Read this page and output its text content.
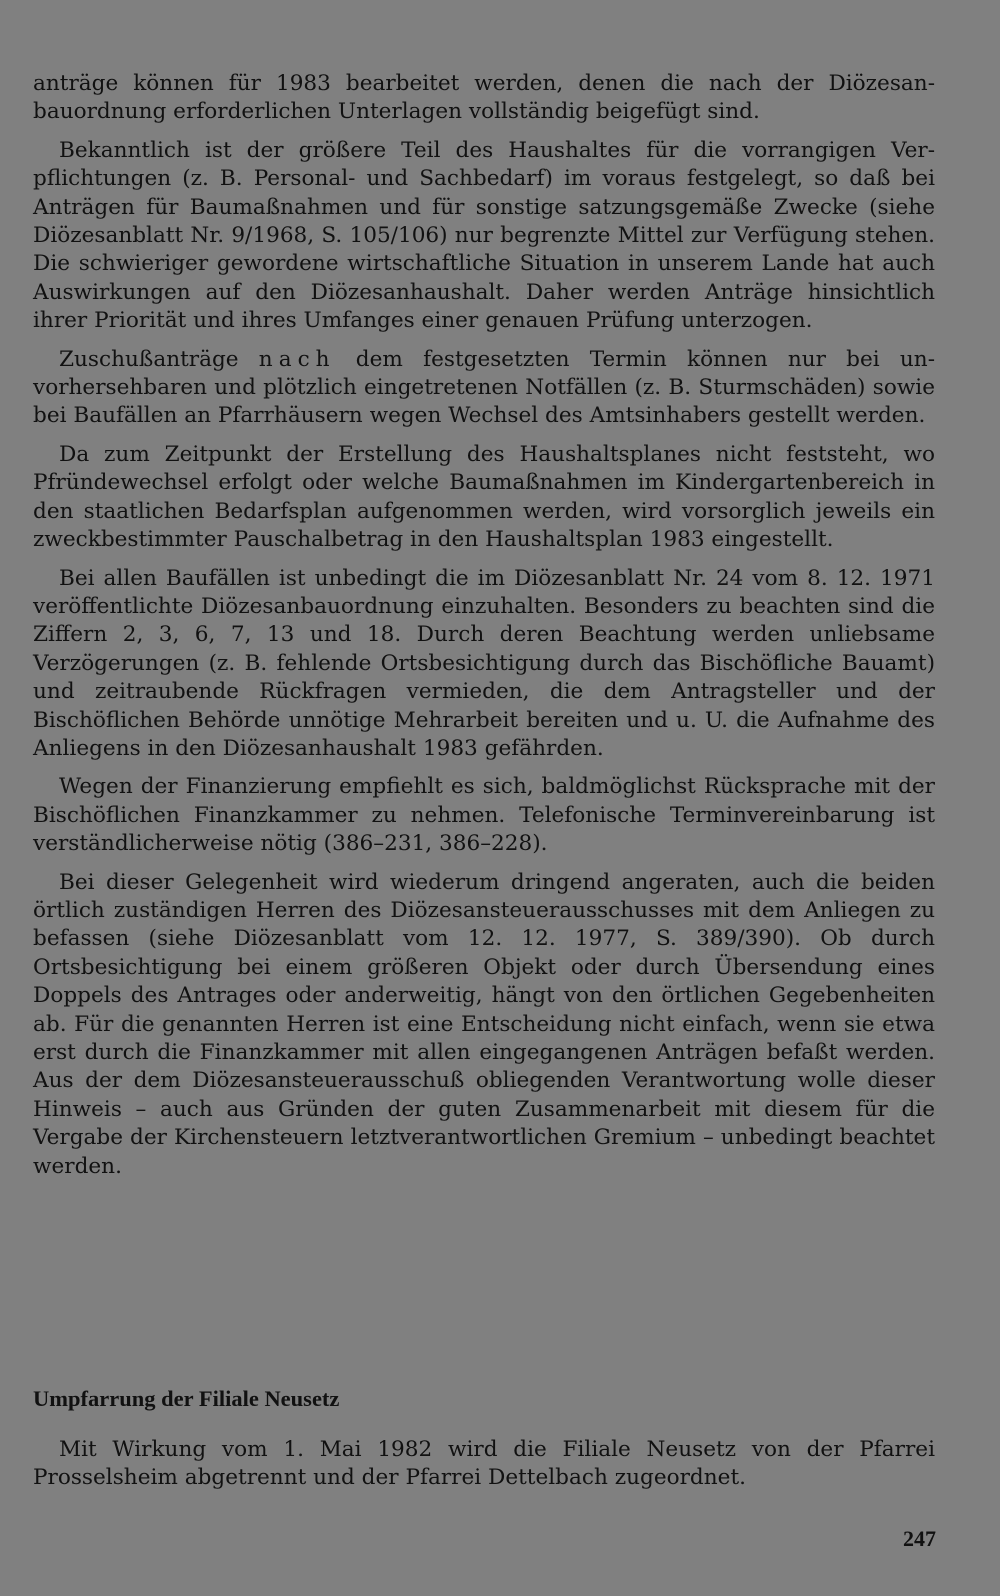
anträge können für 1983 bearbeitet werden, denen die nach der Diözesanbauordnung erforderlichen Unterlagen vollständig beigefügt sind.

Bekanntlich ist der größere Teil des Haushaltes für die vorrangigen Verpflichtungen (z. B. Personal- und Sachbedarf) im voraus festgelegt, so daß bei Anträgen für Baumaßnahmen und für sonstige satzungsgemäße Zwecke (siehe Diözesanblatt Nr. 9/1968, S. 105/106) nur begrenzte Mittel zur Verfügung stehen. Die schwieriger gewordene wirtschaftliche Situation in unserem Lande hat auch Auswirkungen auf den Diözesanhaushalt. Daher werden Anträge hinsichtlich ihrer Priorität und ihres Umfanges einer genauen Prüfung unterzogen.

Zuschußanträge nach dem festgesetzten Termin können nur bei unvorhersehbaren und plötzlich eingetretenen Notfällen (z. B. Sturmschäden) sowie bei Baufällen an Pfarrhäusern wegen Wechsel des Amtsinhabers gestellt werden.

Da zum Zeitpunkt der Erstellung des Haushaltsplanes nicht feststeht, wo Pfründewechsel erfolgt oder welche Baumaßnahmen im Kindergartenbereich in den staatlichen Bedarfsplan aufgenommen werden, wird vorsorglich jeweils ein zweckbestimmter Pauschalbetrag in den Haushaltsplan 1983 eingestellt.

Bei allen Baufällen ist unbedingt die im Diözesanblatt Nr. 24 vom 8. 12. 1971 veröffentlichte Diözesanbauordnung einzuhalten. Besonders zu beachten sind die Ziffern 2, 3, 6, 7, 13 und 18. Durch deren Beachtung werden unliebsame Verzögerungen (z. B. fehlende Ortsbesichtigung durch das Bischöfliche Bauamt) und zeitraubende Rückfragen vermieden, die dem Antragsteller und der Bischöflichen Behörde unnötige Mehrarbeit bereiten und u. U. die Aufnahme des Anliegens in den Diözesanhaushalt 1983 gefährden.

Wegen der Finanzierung empfiehlt es sich, baldmöglichst Rücksprache mit der Bischöflichen Finanzkammer zu nehmen. Telefonische Terminvereinbarung ist verständlicherweise nötig (386–231, 386–228).

Bei dieser Gelegenheit wird wiederum dringend angeraten, auch die beiden örtlich zuständigen Herren des Diözesansteuerausschusses mit dem Anliegen zu befassen (siehe Diözesanblatt vom 12. 12. 1977, S. 389/390). Ob durch Ortsbesichtigung bei einem größeren Objekt oder durch Übersendung eines Doppels des Antrages oder anderweitig, hängt von den örtlichen Gegebenheiten ab. Für die genannten Herren ist eine Entscheidung nicht einfach, wenn sie etwa erst durch die Finanzkammer mit allen eingegangenen Anträgen befaßt werden. Aus der dem Diözesansteuerausschuß obliegenden Verantwortung wolle dieser Hinweis – auch aus Gründen der guten Zusammenarbeit mit diesem für die Vergabe der Kirchensteuern letztverantwortlichen Gremium – unbedingt beachtet werden.

Umpfarrung der Filiale Neusetz

Mit Wirkung vom 1. Mai 1982 wird die Filiale Neusetz von der Pfarrei Prosselsheim abgetrennt und der Pfarrei Dettelbach zugeordnet.

247
